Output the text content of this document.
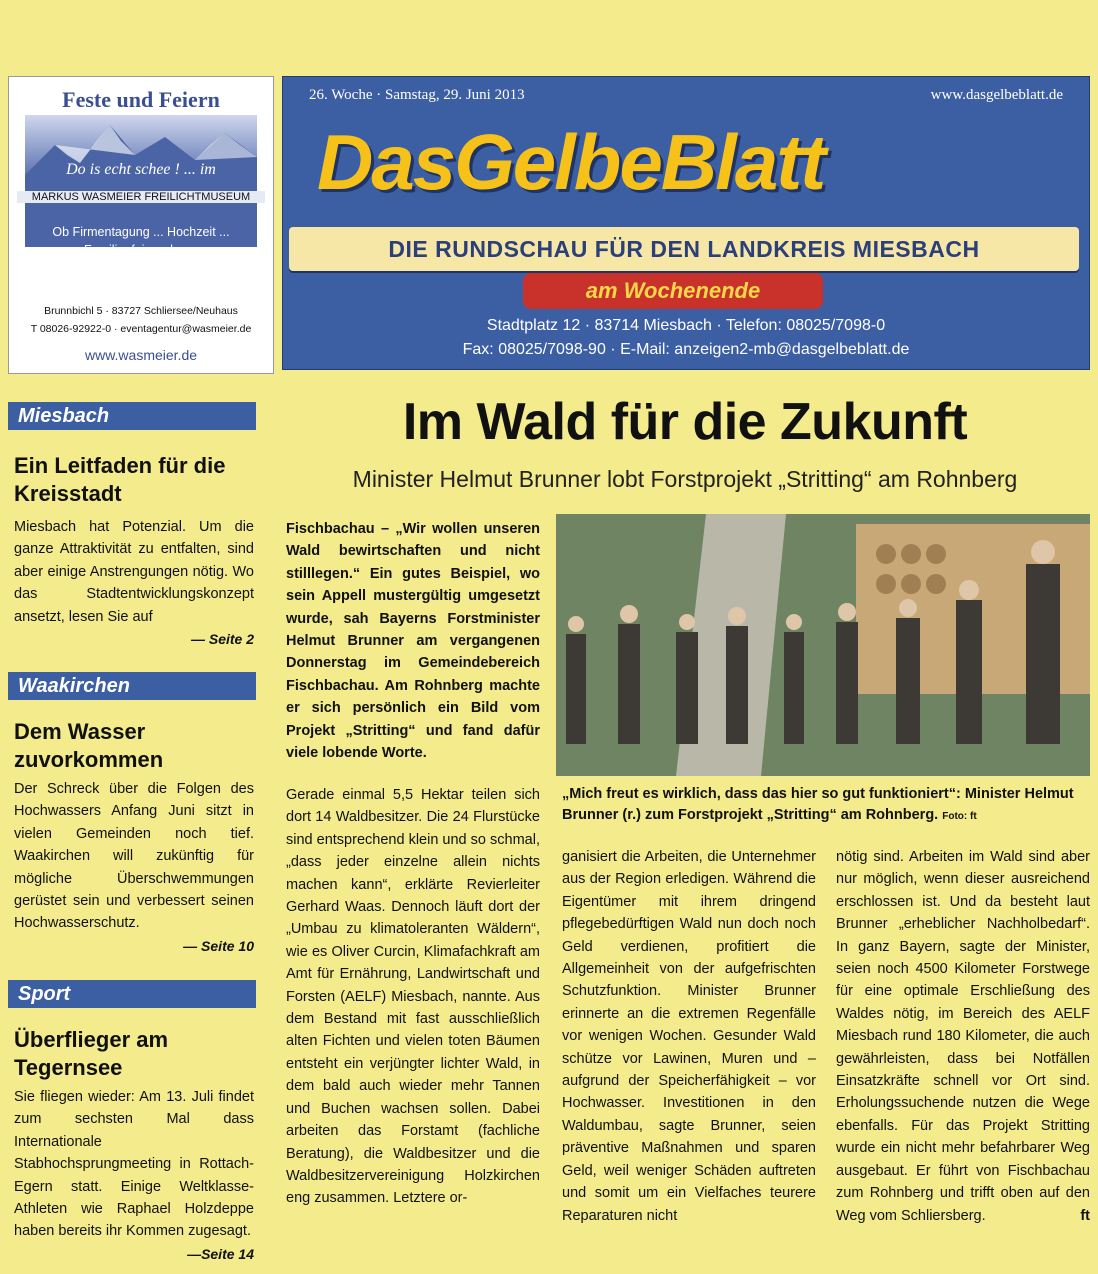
Feste und Feiern
Do is echt schee ! ... im
MARKUS WASMEIER FREILICHTMUSEUM
Ob Firmentagung ... Hochzeit ...
Familienfeier oder ...
Wir organisieren, Sie feiern!
Brunnbichl 5 · 83727 Schliersee/Neuhaus
T 08026-92922-0 · eventagentur@wasmeier.de
www.wasmeier.de
26. Woche · Samstag, 29. Juni 2013	www.dasgelbeblatt.de
DasGelbeBlatt
DIE RUNDSCHAU FÜR DEN LANDKREIS MIESBACH
am Wochenende
Stadtplatz 12 · 83714 Miesbach · Telefon: 08025/7098-0
Fax: 08025/7098-90 · E-Mail: anzeigen2-mb@dasgelbeblatt.de
Miesbach
Ein Leitfaden für die Kreisstadt
Miesbach hat Potenzial. Um die ganze Attraktivität zu entfalten, sind aber einige Anstrengungen nötig. Wo das Stadtentwicklungskonzept ansetzt, lesen Sie auf
— Seite 2
Waakirchen
Dem Wasser zuvorkommen
Der Schreck über die Folgen des Hochwassers Anfang Juni sitzt in vielen Gemeinden noch tief. Waakirchen will zukünftig für mögliche Überschwemmungen gerüstet sein und verbessert seinen Hochwasserschutz.
— Seite 10
Sport
Überflieger am Tegernsee
Sie fliegen wieder: Am 13. Juli findet zum sechsten Mal dass Internationale Stabhochsprungmeeting in Rottach-Egern statt. Einige Weltklasse-Athleten wie Raphael Holzdeppe haben bereits ihr Kommen zugesagt.
—Seite 14
Im Wald für die Zukunft
Minister Helmut Brunner lobt Forstprojekt „Stritting“ am Rohnberg
Fischbachau – „Wir wollen unseren Wald bewirtschaften und nicht stilllegen.“ Ein gutes Beispiel, wo sein Appell mustergültig umgesetzt wurde, sah Bayerns Forstminister Helmut Brunner am vergangenen Donnerstag im Gemeindebereich Fischbachau. Am Rohnberg machte er sich persönlich ein Bild vom Projekt „Stritting“ und fand dafür viele lobende Worte.
„Mich freut es wirklich, dass das hier so gut funktioniert“: Minister Helmut Brunner (r.) zum Forstprojekt „Stritting“ am Rohnberg. Foto: ft
Gerade einmal 5,5 Hektar teilen sich dort 14 Waldbesitzer. Die 24 Flurstücke sind entsprechend klein und so schmal, „dass jeder einzelne allein nichts machen kann“, erklärte Revierleiter Gerhard Waas. Dennoch läuft dort der „Umbau zu klimatoleranten Wäldern“, wie es Oliver Curcin, Klimafachkraft am Amt für Ernährung, Landwirtschaft und Forsten (AELF) Miesbach, nannte. Aus dem Bestand mit fast ausschließlich alten Fichten und vielen toten Bäumen entsteht ein verjüngter lichter Wald, in dem bald auch wieder mehr Tannen und Buchen wachsen sollen. Dabei arbeiten das Forstamt (fachliche Beratung), die Waldbesitzer und die Waldbesitzervereinigung Holzkirchen eng zusammen. Letztere or-
ganisiert die Arbeiten, die Unternehmer aus der Region erledigen. Während die Eigentümer mit ihrem dringend pflegebedürftigen Wald nun doch noch Geld verdienen, profitiert die Allgemeinheit von der aufgefrischten Schutzfunktion. Minister Brunner erinnerte an die extremen Regenfälle vor wenigen Wochen. Gesunder Wald schütze vor Lawinen, Muren und – aufgrund der Speicherfähigkeit – vor Hochwasser. Investitionen in den Waldumbau, sagte Brunner, seien präventive Maßnahmen und sparen Geld, weil weniger Schäden auftreten und somit um ein Vielfaches teurere Reparaturen nicht
nötig sind. Arbeiten im Wald sind aber nur möglich, wenn dieser ausreichend erschlossen ist. Und da besteht laut Brunner „erheblicher Nachholbedarf“. In ganz Bayern, sagte der Minister, seien noch 4500 Kilometer Forstwege für eine optimale Erschließung des Waldes nötig, im Bereich des AELF Miesbach rund 180 Kilometer, die auch gewährleisten, dass bei Notfällen Einsatzkräfte schnell vor Ort sind. Erholungssuchende nutzen die Wege ebenfalls. Für das Projekt Stritting wurde ein nicht mehr befahrbarer Weg ausgebaut. Er führt von Fischbachau zum Rohnberg und trifft oben auf den Weg vom Schliersberg.	ft
